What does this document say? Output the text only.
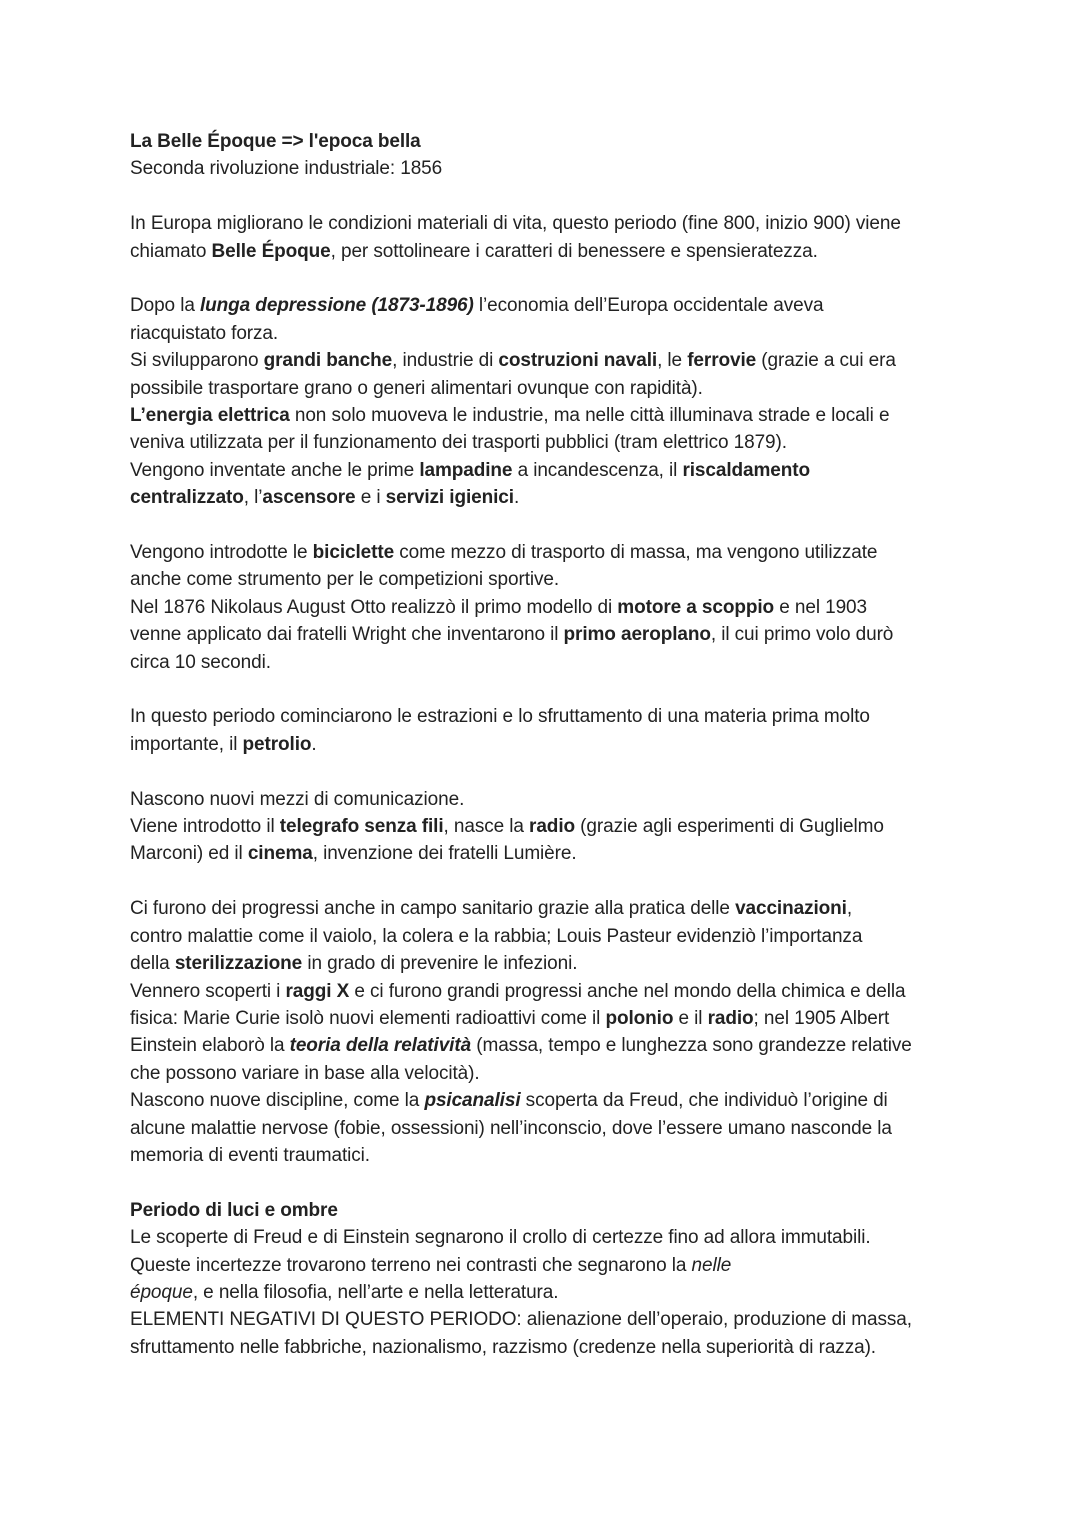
La Belle Époque => l'epoca bella
Seconda rivoluzione industriale: 1856
In Europa migliorano le condizioni materiali di vita, questo periodo (fine 800, inizio 900) viene
chiamato Belle Époque, per sottolineare i caratteri di benessere e spensieratezza.
Dopo la lunga depressione (1873-1896) l’economia dell’Europa occidentale aveva
riacquistato forza.
Si svilupparono grandi banche, industrie di costruzioni navali, le ferrovie (grazie a cui era
possibile trasportare grano o generi alimentari ovunque con rapidità).
L’energia elettrica non solo muoveva le industrie, ma nelle città illuminava strade e locali e
veniva utilizzata per il funzionamento dei trasporti pubblici (tram elettrico 1879).
Vengono inventate anche le prime lampadine a incandescenza, il riscaldamento
centralizzato, l’ascensore e i servizi igienici.
Vengono introdotte le biciclette come mezzo di trasporto di massa, ma vengono utilizzate
anche come strumento per le competizioni sportive.
Nel 1876 Nikolaus August Otto realizzò il primo modello di motore a scoppio e nel 1903
venne applicato dai fratelli Wright che inventarono il primo aeroplano, il cui primo volo durò
circa 10 secondi.
In questo periodo cominciarono le estrazioni e lo sfruttamento di una materia prima molto
importante, il petrolio.
Nascono nuovi mezzi di comunicazione.
Viene introdotto il telegrafo senza fili, nasce la radio (grazie agli esperimenti di Guglielmo
Marconi) ed il cinema, invenzione dei fratelli Lumière.
Ci furono dei progressi anche in campo sanitario grazie alla pratica delle vaccinazioni,
contro malattie come il vaiolo, la colera e la rabbia; Louis Pasteur evidenziò l’importanza
della sterilizzazione in grado di prevenire le infezioni.
Vennero scoperti i raggi X e ci furono grandi progressi anche nel mondo della chimica e della
fisica: Marie Curie isolò nuovi elementi radioattivi come il polonio e il radio; nel 1905 Albert
Einstein elaborò la teoria della relatività (massa, tempo e lunghezza sono grandezze relative
che possono variare in base alla velocità).
Nascono nuove discipline, come la psicanalisi scoperta da Freud, che individuò l’origine di
alcune malattie nervose (fobie, ossessioni) nell’inconscio, dove l’essere umano nasconde la
memoria di eventi traumatici.
Periodo di luci e ombre
Le scoperte di Freud e di Einstein segnarono il crollo di certezze fino ad allora immutabili.
Queste incertezze trovarono terreno nei contrasti che segnarono la nelle
époque, e nella filosofia, nell’arte e nella letteratura.
ELEMENTI NEGATIVI DI QUESTO PERIODO: alienazione dell’operaio, produzione di massa,
sfruttamento nelle fabbriche, nazionalismo, razzismo (credenze nella superiorità di razza).
